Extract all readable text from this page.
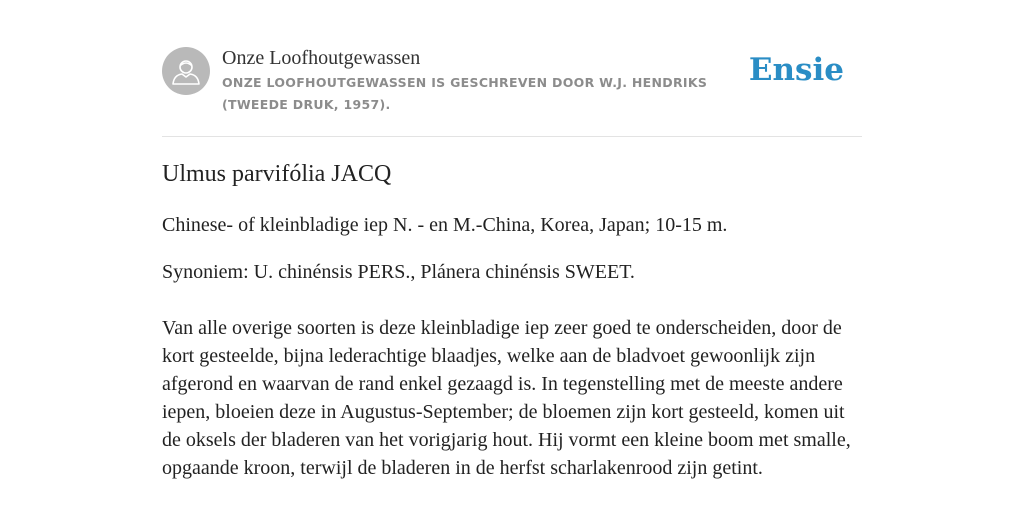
Onze Loofhoutgewassen
ONZE LOOFHOUTGEWASSEN IS GESCHREVEN DOOR W.J. HENDRIKS (TWEEDE DRUK, 1957).
Ensie
Ulmus parvifólia JACQ

Chinese- of kleinbladige iep N. - en M.-China, Korea, Japan; 10-15 m.

Synoniem: U. chinénsis PERS., Plánera chinénsis SWEET.

Van alle overige soorten is deze kleinbladige iep zeer goed te onderscheiden, door de kort gesteelde, bijna lederachtige blaadjes, welke aan de bladvoet gewoonlijk zijn afgerond en waarvan de rand enkel gezaagd is. In tegenstelling met de meeste andere iepen, bloeien deze in Augustus-September; de bloemen zijn kort gesteeld, komen uit de oksels der bladeren van het vorigjarig hout. Hij vormt een kleine boom met smalle, opgaande kroon, terwijl de bladeren in de herfst scharlakenrood zijn getint.
